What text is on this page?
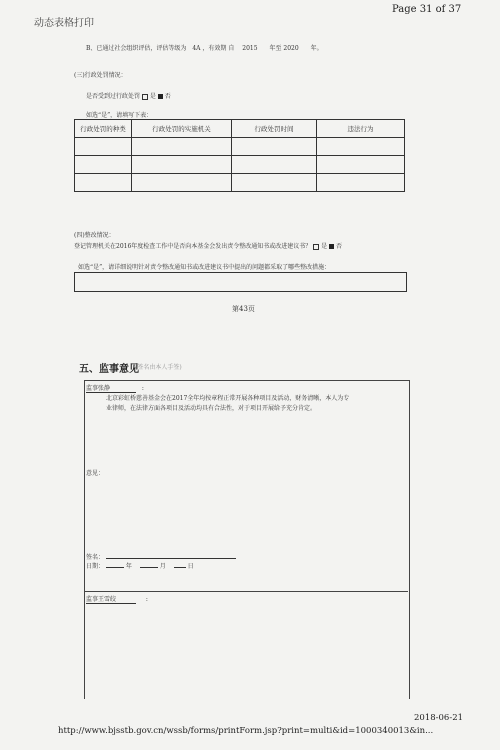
动态表格打印
Page 31 of 37
B、已通过社会组织评估，评估等级为 4A ，有效期 自 2015 年至 2020 年。
(三)行政处罚情况：
是否受到过行政处罚 是 否
如选“是”，请填写下表：
行政处罚的种类	行政处罚的实施机关	行政处罚时间	违法行为

(四)整改情况：
登记管理机关在2016年度检查工作中是否向本基金会发出责令整改通知书或改进建议书？ 是 否
如选“是”，请详细说明针对责令整改通知书或改进建议书中提出的问题都采取了哪些整改措施：
第43页
五、监事意见
(签名由本人手签)
监事张静	:
北京彩虹桥慈善基金会在2017全年均按章程正常开展各种项目及活动，财务清晰，本人为专
业律师，在法律方面各项目及活动均具有合法性，对于项目开展给予充分肯定。
意见：
签名：
日期：	年	月	日
监事王雪皎	:
2018-06-21
http://www.bjsstb.gov.cn/wssb/forms/printForm.jsp?print=multi&id=1000340013&in...
